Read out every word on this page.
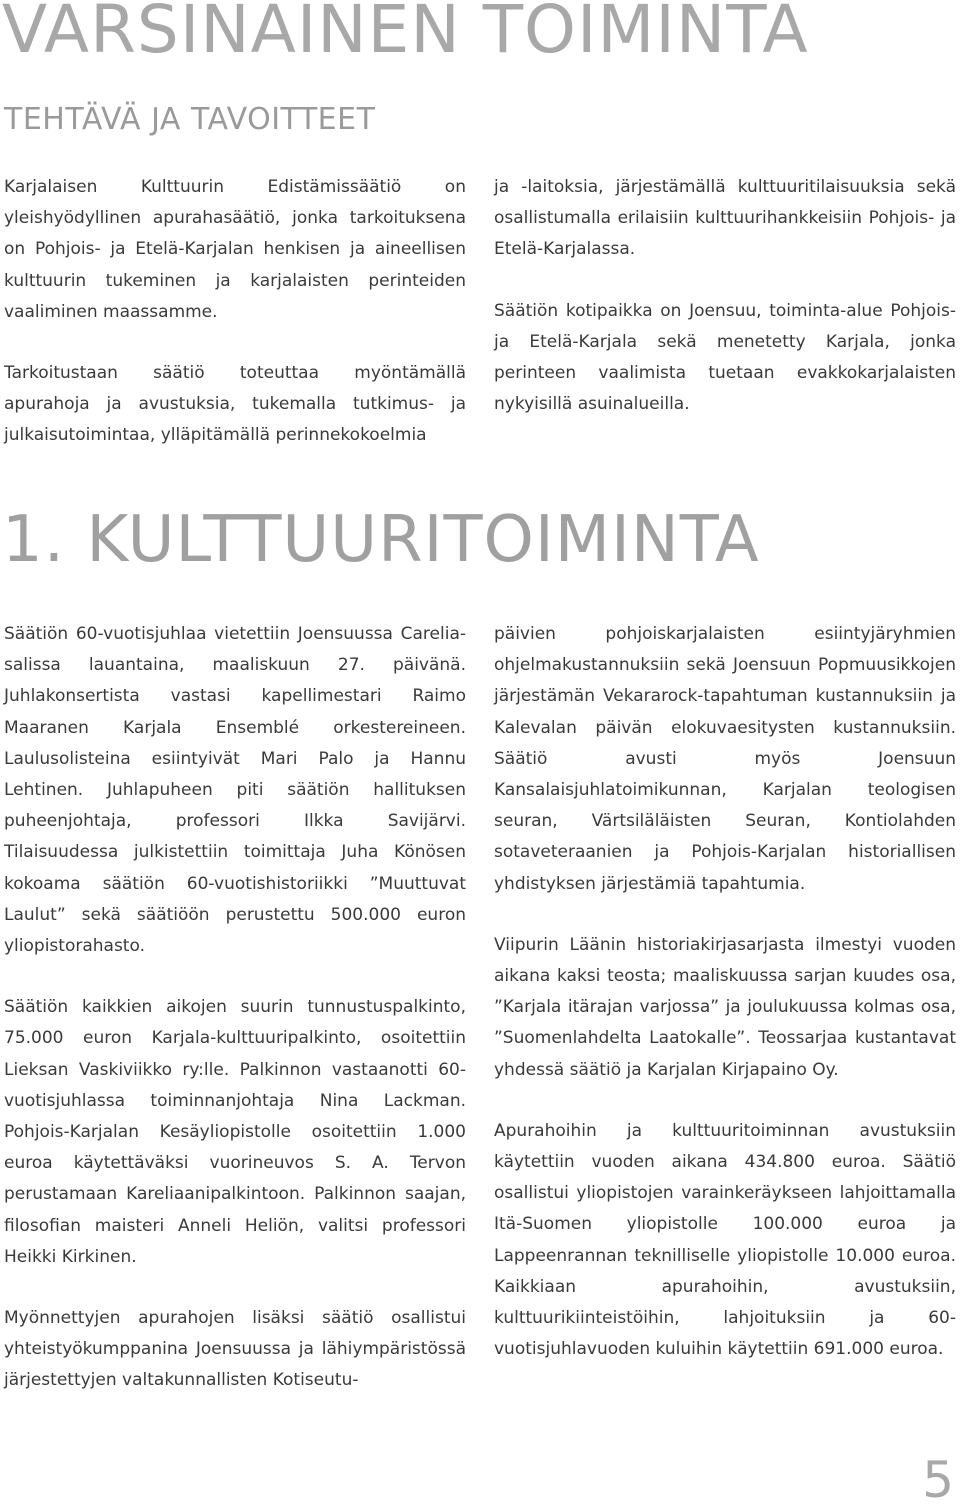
VARSINAINEN TOIMINTA
TEHTÄVÄ JA TAVOITTEET

Karjalaisen Kulttuurin Edistämissäätiö on yleishyödyllinen apurahasäätiö, jonka tarkoituksena on Pohjois- ja Etelä-Karjalan henkisen ja aineellisen kulttuurin tukeminen ja karjalaisten perinteiden vaaliminen maassamme.

Tarkoitustaan säätiö toteuttaa myöntämällä apurahoja ja avustuksia, tukemalla tutkimus- ja julkaisutoimintaa, ylläpitämällä perinnekokoelmia

ja -laitoksia, järjestämällä kulttuuritilaisuuksia sekä osallistumalla erilaisiin kulttuurihankkeisiin Pohjois- ja Etelä-Karjalassa.

Säätiön kotipaikka on Joensuu, toiminta-alue Pohjois- ja Etelä-Karjala sekä menetetty Karjala, jonka perinteen vaalimista tuetaan evakkokarjalaisten nykyisillä asuinalueilla.

1. KULTTUURITOIMINTA

Säätiön 60-vuotisjuhlaa vietettiin Joensuussa Carelia-salissa lauantaina, maaliskuun 27. päivänä. Juhlakonsertista vastasi kapellimestari Raimo Maaranen Karjala Ensemblé orkestereineen. Laulusolisteina esiintyivät Mari Palo ja Hannu Lehtinen. Juhlapuheen piti säätiön hallituksen puheenjohtaja, professori Ilkka Savijärvi. Tilaisuudessa julkistettiin toimittaja Juha Könösen kokoama säätiön 60-vuotishistoriikki ”Muuttuvat Laulut” sekä säätiöön perustettu 500.000 euron yliopistorahasto.

Säätiön kaikkien aikojen suurin tunnustuspalkinto, 75.000 euron Karjala-kulttuuripalkinto, osoitettiin Lieksan Vaskiviikko ry:lle. Palkinnon vastaanotti 60-vuotisjuhlassa toiminnanjohtaja Nina Lackman. Pohjois-Karjalan Kesäyliopistolle osoitettiin 1.000 euroa käytettäväksi vuorineuvos S. A. Tervon perustamaan Kareliaanipalkintoon. Palkinnon saajan, filosofian maisteri Anneli Heliön, valitsi professori Heikki Kirkinen.

Myönnettyjen apurahojen lisäksi säätiö osallistui yhteistyökumppanina Joensuussa ja lähiympäristössä järjestettyjen valtakunnallisten Kotiseutu-

päivien pohjoiskarjalaisten esiintyjäryhmien ohjelmakustannuksiin sekä Joensuun Popmuusikkojen järjestämän Vekararock-tapahtuman kustannuksiin ja Kalevalan päivän elokuvaesitysten kustannuksiin. Säätiö avusti myös Joensuun Kansalaisjuhlatoimikunnan, Karjalan teologisen seuran, Värtsiläläisten Seuran, Kontiolahden sotaveteraanien ja Pohjois-Karjalan historiallisen yhdistyksen järjestämiä tapahtumia.

Viipurin Läänin historiakirjasarjasta ilmestyi vuoden aikana kaksi teosta; maaliskuussa sarjan kuudes osa, ”Karjala itärajan varjossa” ja joulukuussa kolmas osa, ”Suomenlahdelta Laatokalle”. Teossarjaa kustantavat yhdessä säätiö ja Karjalan Kirjapaino Oy.

Apurahoihin ja kulttuuritoiminnan avustuksiin käytettiin vuoden aikana 434.800 euroa. Säätiö osallistui yliopistojen varainkeräykseen lahjoittamalla Itä-Suomen yliopistolle 100.000 euroa ja Lappeenrannan teknilliselle yliopistolle 10.000 euroa. Kaikkiaan apurahoihin, avustuksiin, kulttuurikiinteistöihin, lahjoituksiin ja 60-vuotisjuhlavuoden kuluihin käytettiin 691.000 euroa.

5
